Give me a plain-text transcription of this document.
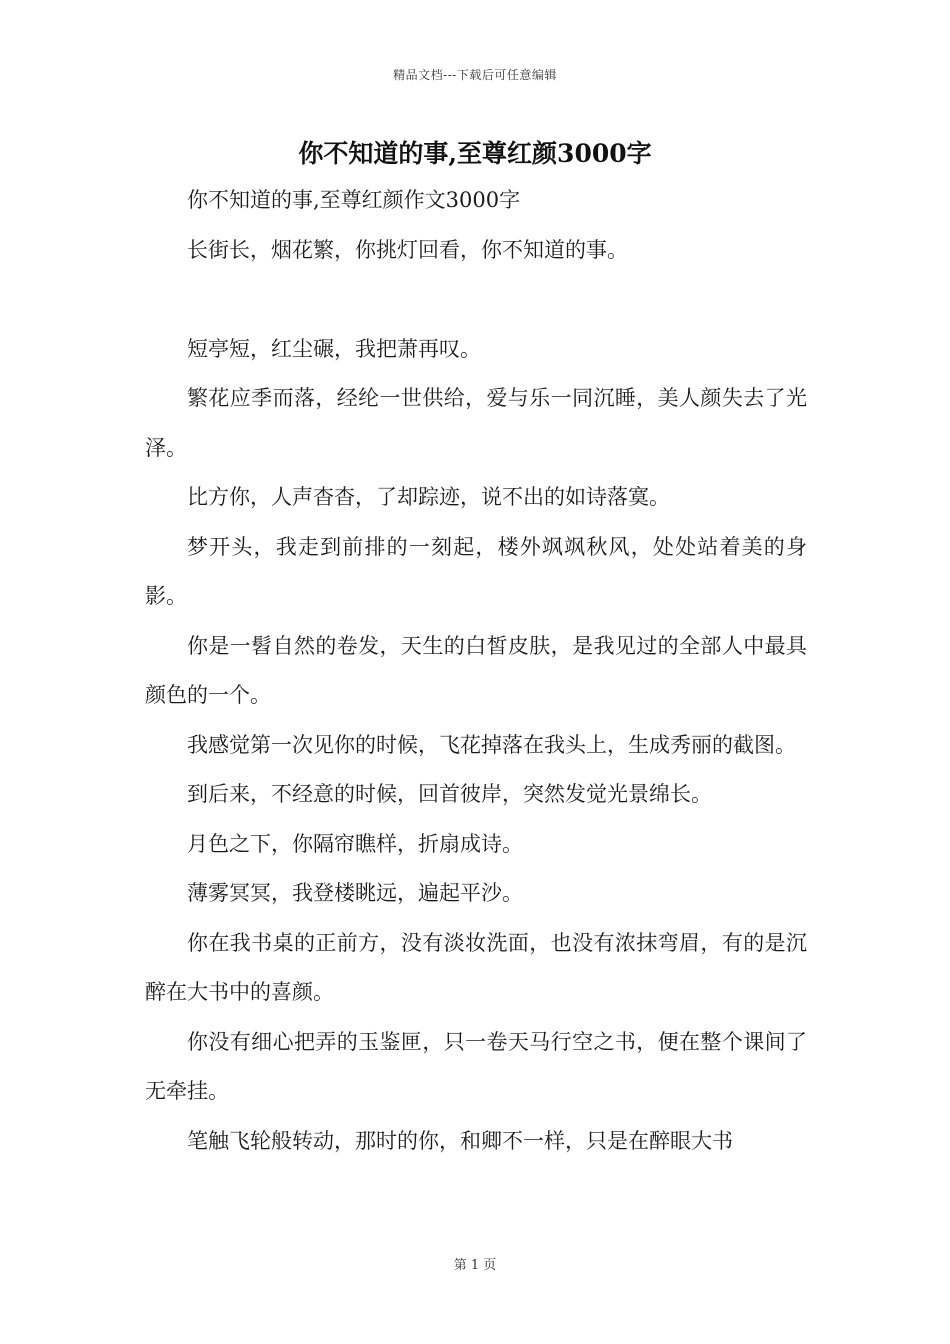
精品文档---下载后可任意编辑
你不知道的事,至尊红颜3000字

你不知道的事,至尊红颜作文3000字

长街长，烟花繁，你挑灯回看，你不知道的事。

短亭短，红尘碾，我把萧再叹。

繁花应季而落，经纶一世供给，爱与乐一同沉睡，美人颜失去了光泽。

比方你，人声杳杳，了却踪迹，说不出的如诗落寞。

梦开头，我走到前排的一刻起，楼外飒飒秋风，处处站着美的身影。

你是一髫自然的卷发，天生的白皙皮肤，是我见过的全部人中最具颜色的一个。

我感觉第一次见你的时候，飞花掉落在我头上，生成秀丽的截图。

到后来，不经意的时候，回首彼岸，突然发觉光景绵长。

月色之下，你隔帘瞧样，折扇成诗。

薄雾冥冥，我登楼眺远，遍起平沙。

你在我书桌的正前方，没有淡妆洗面，也没有浓抹弯眉，有的是沉醉在大书中的喜颜。

你没有细心把弄的玉鉴匣，只一卷天马行空之书，便在整个课间了无牵挂。

笔触飞轮般转动，那时的你，和卿不一样，只是在醉眼大书

第 1 页
